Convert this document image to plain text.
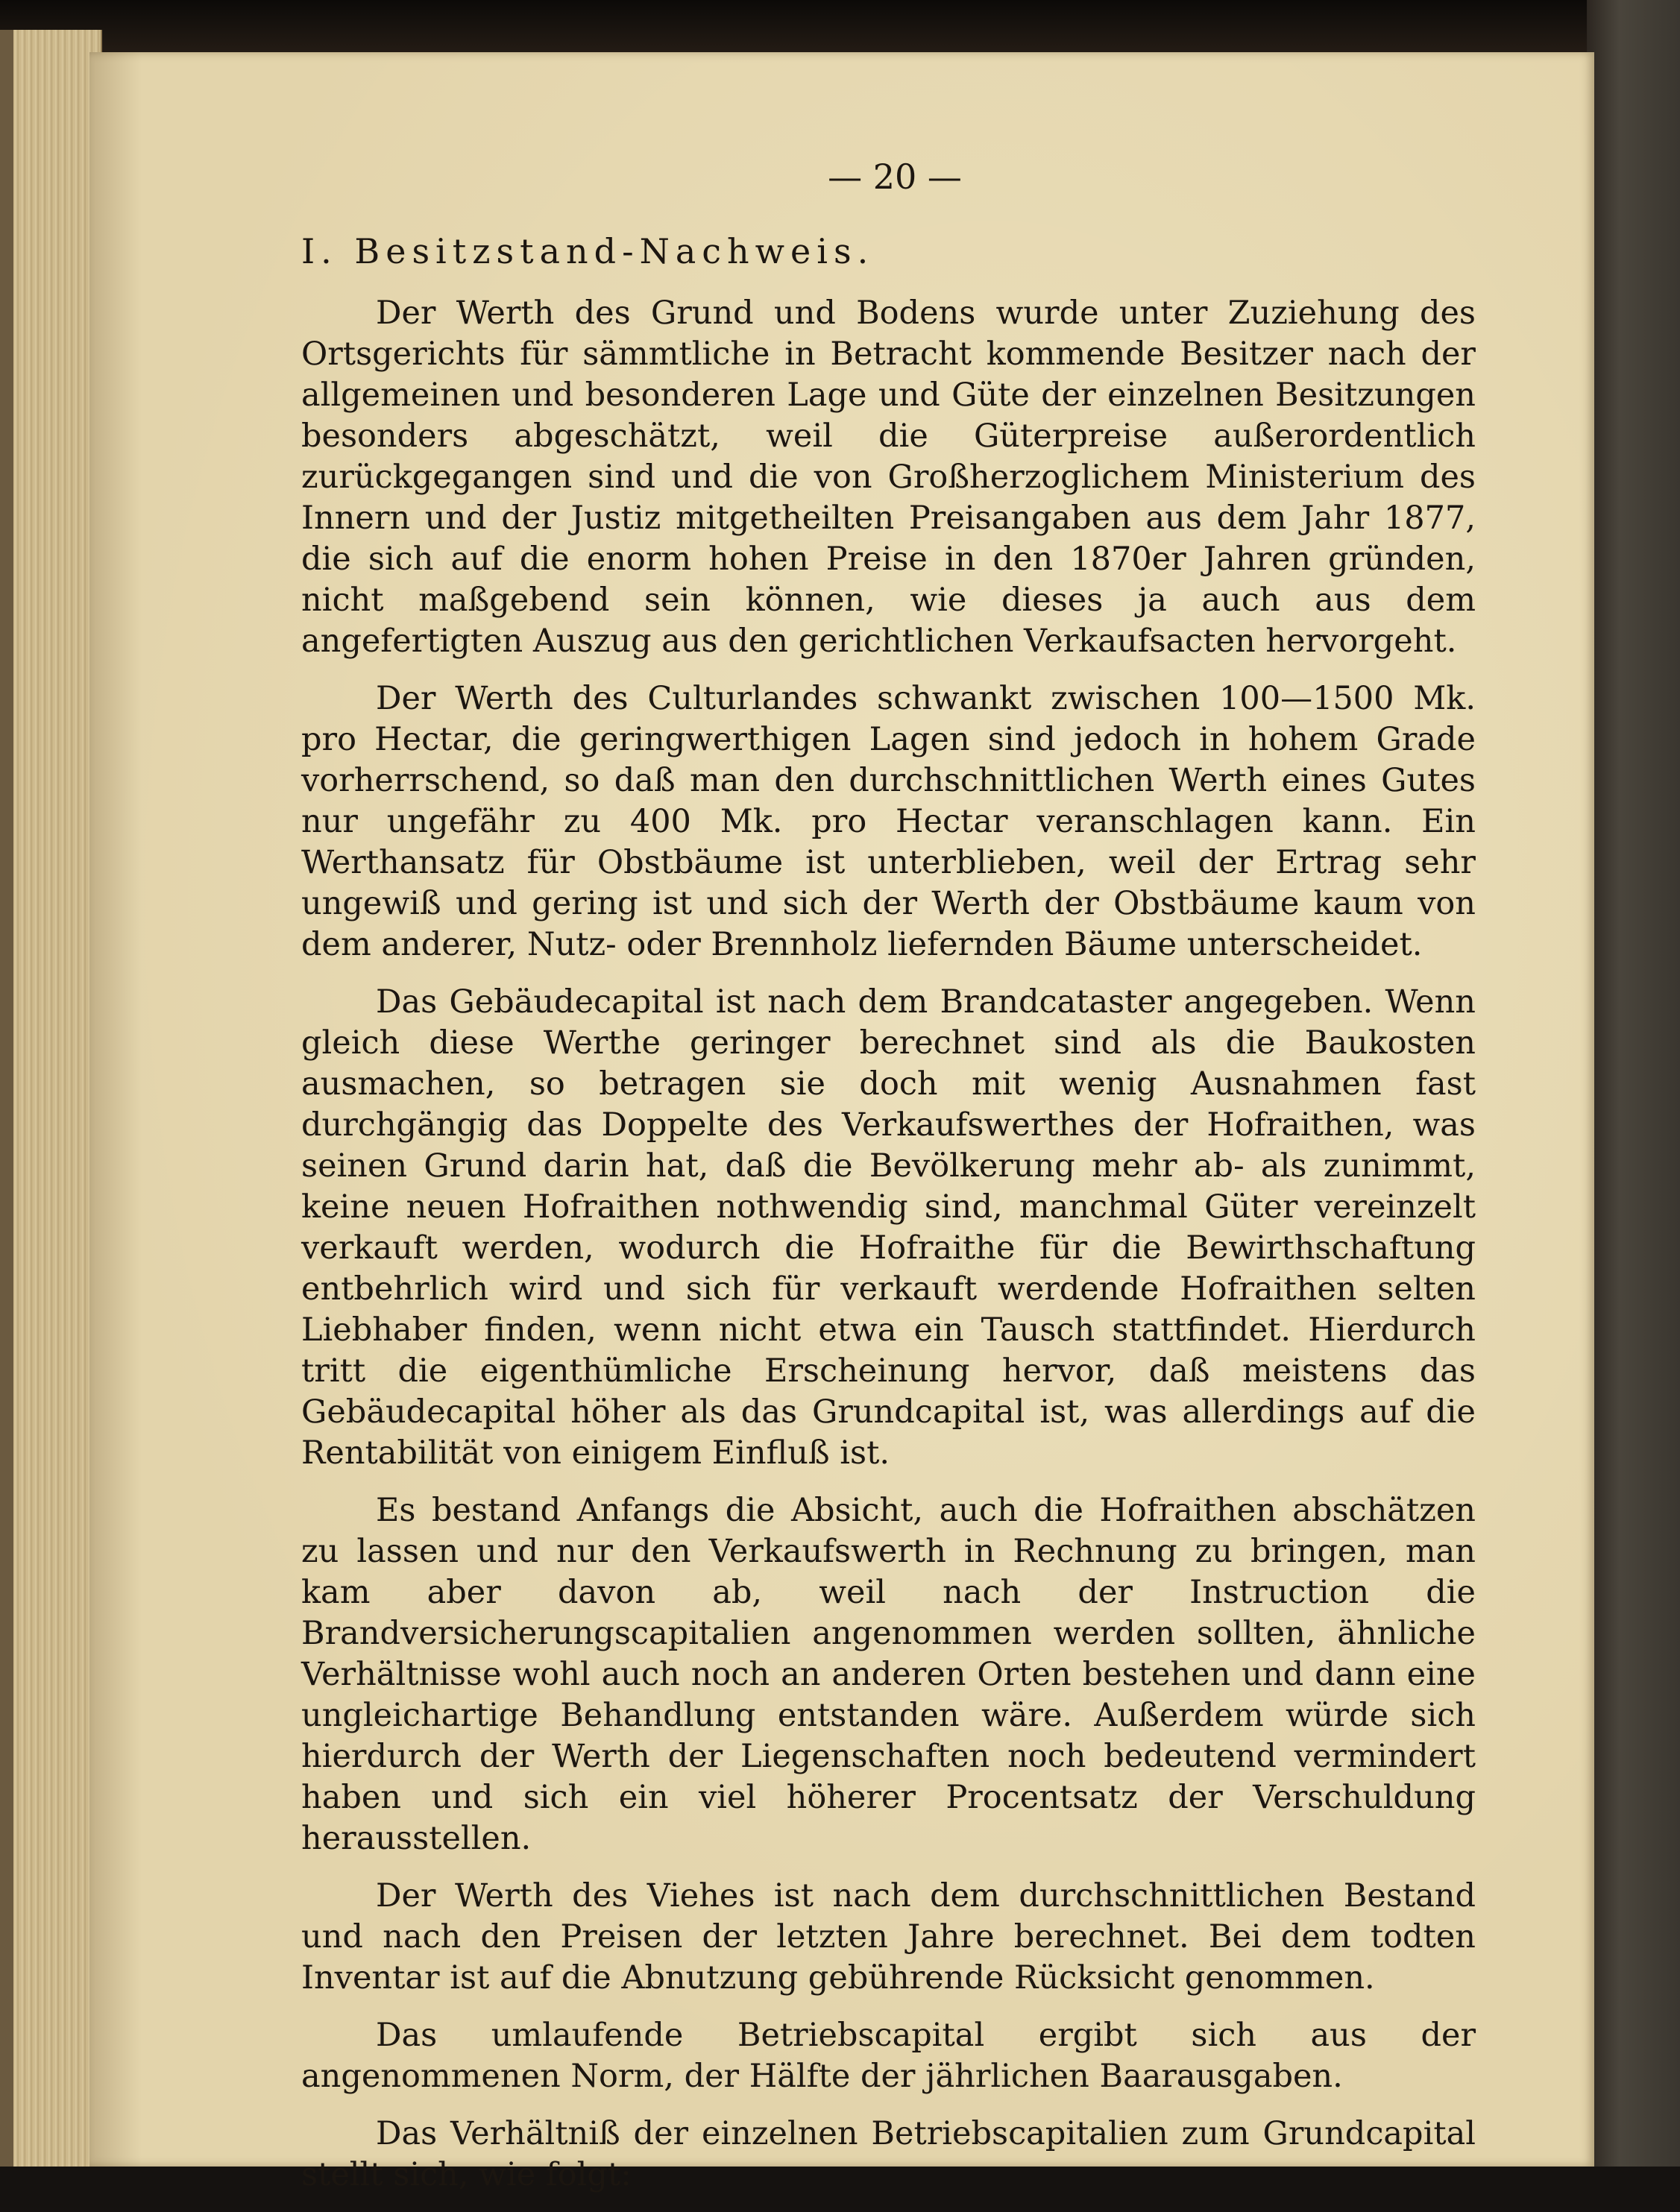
— 20 —
I. Besitzstand-Nachweis.

Der Werth des Grund und Bodens wurde unter Zuziehung des Ortsgerichts für sämmtliche in Betracht kommende Besitzer nach der allgemeinen und besonderen Lage und Güte der einzelnen Besitzungen besonders abgeschätzt, weil die Güterpreise außerordentlich zurückgegangen sind und die von Großherzoglichem Ministerium des Innern und der Justiz mitgetheilten Preisangaben aus dem Jahr 1877, die sich auf die enorm hohen Preise in den 1870er Jahren gründen, nicht maßgebend sein können, wie dieses ja auch aus dem angefertigten Auszug aus den gerichtlichen Verkaufsacten hervorgeht.

Der Werth des Culturlandes schwankt zwischen 100—1500 Mk. pro Hectar, die geringwerthigen Lagen sind jedoch in hohem Grade vorherrschend, so daß man den durchschnittlichen Werth eines Gutes nur ungefähr zu 400 Mk. pro Hectar veranschlagen kann. Ein Werthansatz für Obstbäume ist unterblieben, weil der Ertrag sehr ungewiß und gering ist und sich der Werth der Obstbäume kaum von dem anderer, Nutz- oder Brennholz liefernden Bäume unterscheidet.

Das Gebäudecapital ist nach dem Brandcataster angegeben. Wenn gleich diese Werthe geringer berechnet sind als die Baukosten ausmachen, so betragen sie doch mit wenig Ausnahmen fast durchgängig das Doppelte des Verkaufswerthes der Hofraithen, was seinen Grund darin hat, daß die Bevölkerung mehr ab- als zunimmt, keine neuen Hofraithen nothwendig sind, manchmal Güter vereinzelt verkauft werden, wodurch die Hofraithe für die Bewirthschaftung entbehrlich wird und sich für verkauft werdende Hofraithen selten Liebhaber finden, wenn nicht etwa ein Tausch stattfindet. Hierdurch tritt die eigenthümliche Erscheinung hervor, daß meistens das Gebäudecapital höher als das Grundcapital ist, was allerdings auf die Rentabilität von einigem Einfluß ist.

Es bestand Anfangs die Absicht, auch die Hofraithen abschätzen zu lassen und nur den Verkaufswerth in Rechnung zu bringen, man kam aber davon ab, weil nach der Instruction die Brandversicherungscapitalien angenommen werden sollten, ähnliche Verhältnisse wohl auch noch an anderen Orten bestehen und dann eine ungleichartige Behandlung entstanden wäre. Außerdem würde sich hierdurch der Werth der Liegenschaften noch bedeutend vermindert haben und sich ein viel höherer Procentsatz der Verschuldung herausstellen.

Der Werth des Viehes ist nach dem durchschnittlichen Bestand und nach den Preisen der letzten Jahre berechnet. Bei dem todten Inventar ist auf die Abnutzung gebührende Rücksicht genommen.

Das umlaufende Betriebscapital ergibt sich aus der angenommenen Norm, der Hälfte der jährlichen Baarausgaben.

Das Verhältniß der einzelnen Betriebscapitalien zum Grundcapital stellt sich, wie folgt:
